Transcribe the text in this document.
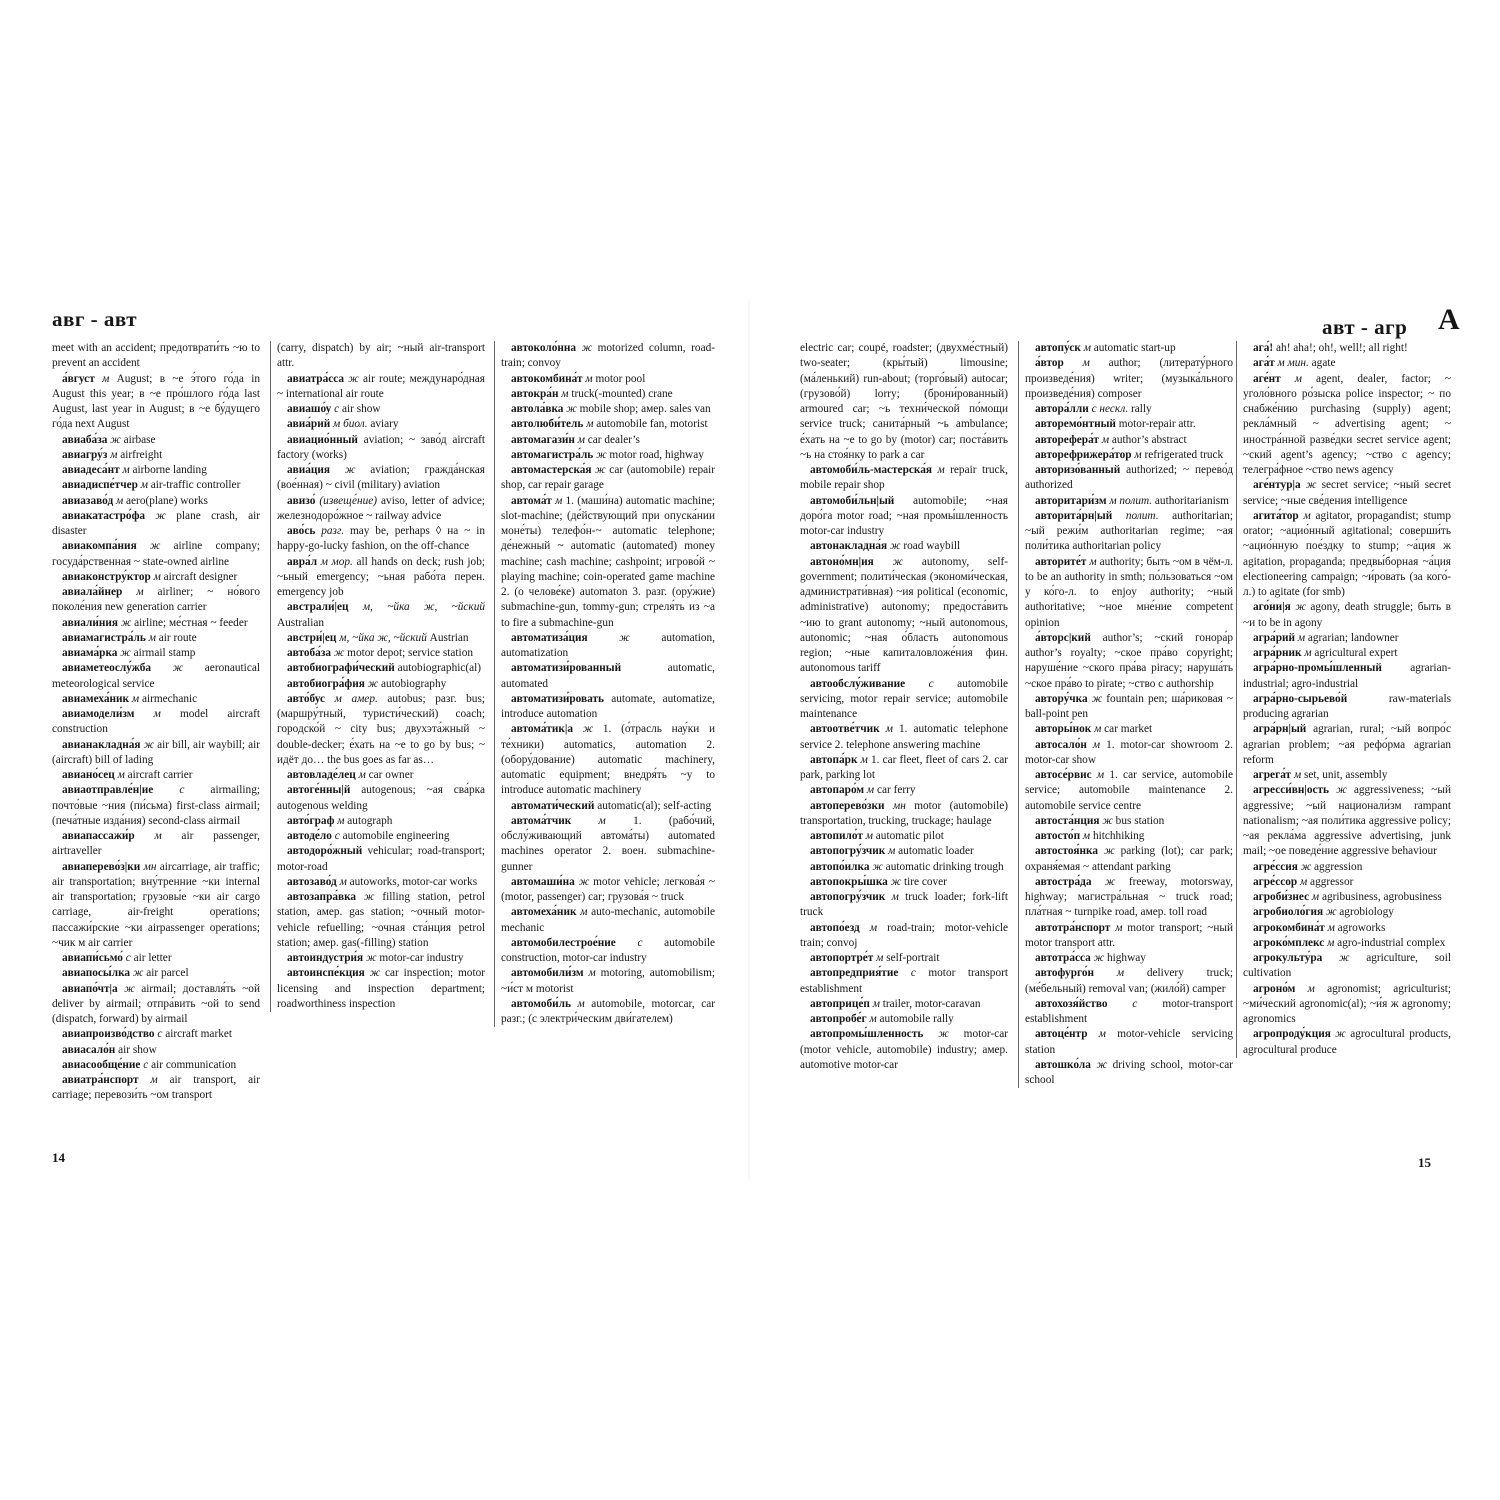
авг - авт

meet with an accident; предотврати́ть ~ю to prevent an accident

а́вгуст м August; в ~е э́того го́да in August this year; в ~е про́шлого го́да last August, last year in August; в ~е бу́дущего го́да next August

авиаба́за ж airbase

авиагру́з м airfreight

авиадеса́нт м airborne landing

авиадиспе́тчер м air-traffic controller

авиазаво́д м aero(plane) works

авиакатастро́фа ж plane crash, air disaster

авиакомпа́ния ж airline company; госуда́рственная ~ state-owned airline

авиаконстру́ктор м aircraft designer

авиала́йнер м airliner; ~ но́вого поколе́ния new generation carrier

авиали́ния ж airline; ме́стная ~ feeder

авиамагистра́ль м air route

авиама́рка ж airmail stamp

авиаметеослу́жба ж aeronautical meteorological service

авиамеха́ник м airmechanic

авиамодели́зм м model aircraft construction

авианакладна́я ж air bill, air waybill; air (aircraft) bill of lading

авиано́сец м aircraft carrier

авиаотправле́н|ие с airmailing; почто́вые ~ния (пи́сьма) first-class airmail; (печа́тные изда́ния) second-class airmail

авиапассажи́р м air passenger, airtraveller

авиаперево́з|ки мн aircarriage, air traffic; air transportation; вну́тренние ~ки internal air transportation; грузовы́е ~ки air cargo carriage, air-freight operations; пассажи́рские ~ки airpassenger operations; ~чик м air carrier

авиапи́сьмо́ с air letter

авиапосы́лка ж air parcel

авиапо́чт|а ж airmail; доставля́ть ~ой deliver by airmail; отпра́вить ~ой to send (dispatch, forward) by airmail

авиапроизво́дство с aircraft market

авиасало́н air show

авиасообще́ние с air communication

авиатра́нспорт м air transport, air carriage; перевози́ть ~ом transport

(carry, dispatch) by air; ~ный air-transport attr.

авиатра́сса ж air route; междунаро́дная ~ international air route

авиашо́у с air show

авиа́рий м биол. aviary

авиацио́нный aviation; ~ заво́д aircraft factory (works)

авиа́ция ж aviation; гражда́нская (вое́нная) ~ civil (military) aviation

авизо́ (извеще́ние) aviso, letter of advice; железнодоро́жное ~ railway advice

аво́сь разг. may be, perhaps ◊ на ~ in happy-go-lucky fashion, on the off-chance

авра́л м мор. all hands on deck; rush job; ~ьный emergency; ~ьная рабо́та перен. emergency job

австрали́|ец м, ~йка ж, ~йский Australian

австри́|ец м, ~йка ж, ~йский Austrian

автоба́за ж motor depot; service station

автобиографи́ческий autobiographic(al)

автобиогра́фия ж autobiography

авто́бус м амер. autobus; разг. bus; (маршру́тный, туристи́ческий) coach; городско́й ~ city bus; двухэта́жный ~ double-decker; е́хать на ~е to go by bus; ~ идёт до… the bus goes as far as…

автовладе́лец м car owner

автоге́нны|й autogenous; ~ая сва́рка autogenous welding

авто́граф м autograph

автоде́ло с automobile engineering

автодоро́жный vehicular; road-transport; motor-road

автозаво́д м autoworks, motor-car works

автозапра́вка ж filling station, petrol station, амер. gas station; ~очный motor-vehicle refuelling; ~очная ста́нция petrol station; амер. gas(-filling) station

автоиндустри́я ж motor-car industry

автоинспе́кция ж car inspection; motor licensing and inspection department; roadworthiness inspection

автоколо́нна ж motorized column, road-train; convoy

автокомбина́т м motor pool

автокра́н м truck(-mounted) crane

автола́вка ж mobile shop; амер. sales van

автолюби́тель м automobile fan, motorist

автомагази́н м car dealer’s

автомагистра́ль ж motor road, highway

автомастерска́я ж car (automobile) repair shop, car repair garage

автома́т м 1. (маши́на) automatic machine; slot-machine; (де́йствующий при опуска́нии моне́ты) телефо́н-~ automatic telephone; де́нежный ~ automatic (automated) money machine; cash machine; cashpoint; игрово́й ~ playing machine; coin-operated game machine 2. (о челове́ке) automaton 3. разг. (ору́жие) submachine-gun, tommy-gun; стреля́ть из ~а to fire a submachine-gun

автоматиза́ция	ж automation, automatization

автоматизи́рованный automatic, automated

автоматизи́ровать automate, automatize, introduce automation

автома́тик|а ж 1. (о́трасль нау́ки и те́хники) automatics, automation 2. (обору́дование) automatic machinery, automatic equipment; внедря́ть ~у to introduce automatic machinery

автомати́ческий automatic(al); self-acting

автома́тчик м 1. (рабо́чий, обслу́живающий автома́ты) automated machines operator 2. воен. submachine-gunner

автомаши́на ж motor vehicle; легкова́я ~ (motor, passenger) car; грузова́я ~ truck

автомеха́ник м auto-mechanic, automobile mechanic

автомобилестрое́ние с automobile construction, motor-car industry

автомобили́зм м motoring, automobilism; ~и́ст м motorist

автомоби́ль м automobile, motorcar, car разг.; (с электри́ческим дви́гателем)

14
авт - агр А

electric car; coupé, roadster; (двухме́стный) two-seater; (кры́тый) limousine; (ма́ленький) run-about; (торго́вый) autocar; (грузово́й) lorry; (брони́рованный) armoured car; ~ь техни́ческой по́мощи service truck; санита́рный ~ь ambulance; е́хать на ~е to go by (motor) car; поста́вить ~ь на стоя́нку to park a car

автомоби́ль-мастерска́я м repair truck, mobile repair shop

автомоби́льн|ый automobile; ~ная доро́га motor road; ~ная промы́шленность motor-car industry

автонакладна́я ж road waybill

автоно́мн|ия ж autonomy, self-government; полити́ческая (экономи́ческая, администрати́вная) ~ия political (economic, administrative) autonomy; предоста́вить ~ию to grant autonomy; ~ный autonomous, autonomic; ~ная о́бласть autonomous region; ~ные капиталовложе́ния фин. autonomous tariff

автообслу́живание с automobile servicing, motor repair service; automobile maintenance

автоотве́тчик м 1. automatic telephone service 2. telephone answering machine

автопа́рк м 1. car fleet, fleet of cars 2. car park, parking lot

автопаро́м м car ferry

автоперево́зки мн motor (automobile) transportation, trucking, truckage; haulage

автопило́т м automatic pilot

автопогру́зчик м automatic loader

автопо́илка ж automatic drinking trough

автопокры́шка ж tire cover

автопогру́зчик м truck loader; fork-lift truck

автопо́езд м road-train; motor-vehicle train; convoj

автопортре́т м self-portrait

автопредприя́тие с motor transport establishment

автоприце́п м trailer, motor-caravan

автопробе́г м automobile rally

автопромы́шленность ж motor-car (motor vehicle, automobile) industry; амер. automotive motor-car

автопу́ск м automatic start-up

а́втор м author; (литерату́рного произведе́ния) writer; (музыка́льного произведе́ния) composer

автора́лли с нескл. rally

авторемо́нтный motor-repair attr.

авторефера́т м author’s abstract

авторефрижера́тор м refrigerated truck

авторизо́ванный authorized; ~ перево́д authorized

авторитари́зм м полит. authoritarianism

авторита́рн|ый полит. authoritarian; ~ый режи́м authoritarian regime; ~ая поли́тика authoritarian policy

авторите́т м authority; быть ~ом в чём-л. to be an authority in smth; по́льзоваться ~ом у ко́го-л. to enjoy authority; ~ный authoritative; ~ное мне́ние competent opinion

а́вторс|кий author’s; ~ский гонора́р author’s royalty; ~ское пра́во copyright; наруше́ние ~ского пра́ва piracy; наруша́ть ~ское пра́во to pirate; ~ство с authorship

автору́чка ж fountain pen; ша́риковая ~ ball-point pen

авторы́нок м car market

автосало́н м 1. motor-car showroom 2. motor-car show

автосе́рвис м 1. car service, automobile service; automobile maintenance 2. automobile service centre

автоста́нция ж bus station

автосто́п м hitchhiking

автостоя́нка ж parking (lot); car park; охраня́емая ~ attendant parking

автостра́да ж freeway, motorsway, highway; магистра́льная ~ truck road; пла́тная ~ turnpike road, амер. toll road

автотра́нспорт м motor transport; ~ный motor transport attr.

автотра́сса ж highway

автофурго́н м delivery truck; (ме́бельный) removal van; (жило́й) camper

автохозя́йство с motor-transport establishment

автоце́нтр м motor-vehicle servicing station

автошко́ла ж driving school, motor-car school

ага́! ah! aha!; oh!, well!; all right!

ага́т м мин. agate

аге́нт м agent, dealer, factor; ~ уголо́вного ро́зыска police inspector; ~ по снабже́нию purchasing (supply) agent; рекла́мный ~ advertising agent; ~ иностра́нной разве́дки secret service agent; ~ский agent’s agency; ~ство с agency; телегра́фное ~ство news agency

аге́нтур|а ж secret service; ~ный secret service; ~ные све́дения intelligence

агита́тор м agitator, propagandist; stump orator; ~ацио́нный agitational; соверши́ть ~ацио́нную пое́здку to stump; ~а́ция ж agitation, propaganda; предвы́борная ~а́ция electioneering campaign; ~и́ровать (за кого́-л.) to agitate (for smb)

аго́ни|я ж agony, death struggle; быть в ~и to be in agony

агра́рий м agrarian; landowner

агра́рник м agricultural expert

агра́рно-промы́шленный agrarian-industrial; agro-industrial

агра́рно-сырьево́й raw-materials producing agrarian

агра́рн|ый agrarian, rural; ~ый вопро́с agrarian problem; ~ая рефо́рма agrarian reform

агрега́т м set, unit, assembly

агресси́вн|ость ж aggressiveness; ~ый aggressive; ~ый национали́зм rampant nationalism; ~ая поли́тика aggressive policy; ~ая рекла́ма aggressive advertising, junk mail; ~ое поведе́ние aggressive behaviour

агре́ссия ж aggression

агре́ссор м aggressor

агроби́знес м agribusiness, agrobusiness

агробиоло́гия ж agrobiology

агрокомбина́т м agroworks

агроко́мплекс м agro-industrial complex

агрокульту́ра ж agriculture, soil cultivation

агроно́м м agronomist; agriculturist; ~ми́ческий agronomic(al); ~и́я ж agronomy; agronomics

агропроду́кция ж agrocultural products, agrocultural produce

15
